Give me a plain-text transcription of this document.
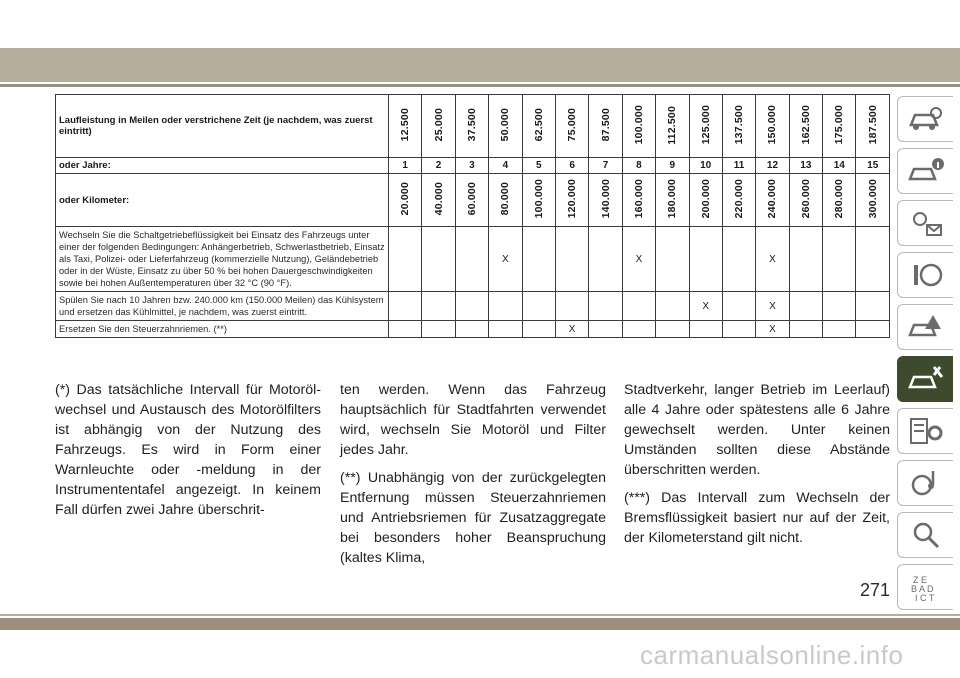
Laufleistung in Meilen oder verstrichene Zeit (je nachdem, was zuerst eintritt)	12.500	25.000	37.500	50.000	62.500	75.000	87.500	100.000	112.500	125.000	137.500	150.000	162.500	175.000	187.500
oder Jahre:	1	2	3	4	5	6	7	8	9	10	11	12	13	14	15
oder Kilometer:	20.000	40.000	60.000	80.000	100.000	120.000	140.000	160.000	180.000	200.000	220.000	240.000	260.000	280.000	300.000
Wechseln Sie die Schaltgetriebeflüssigkeit bei Einsatz des Fahrzeugs unter einer der folgenden Bedingungen: Anhängerbetrieb, Schwerlastbetrieb, Einsatz als Taxi, Polizei- oder Lieferfahrzeug (kommerzielle Nutzung), Geländebetrieb oder in der Wüste, Einsatz zu über 50 % bei hohen Dauergeschwindigkeiten sowie bei hohen Außentemperaturen über 32 °C (90 °F).				X				X				X			
Spülen Sie nach 10 Jahren bzw. 240.000 km (150.000 Meilen) das Kühlsystem und ersetzen das Kühlmittel, je nachdem, was zuerst eintritt.										X		X			
Ersetzen Sie den Steuerzahnriemen. (**)						X						X			

(*) Das tatsächliche Intervall für Motorölwechsel und Austausch des Motorölfilters ist abhängig von der Nutzung des Fahrzeugs. Es wird in Form einer Warnleuchte oder -meldung in der Instrumententafel angezeigt. In keinem Fall dürfen zwei Jahre überschrit-

ten werden. Wenn das Fahrzeug hauptsächlich für Stadtfahrten verwendet wird, wechseln Sie Motoröl und Filter jedes Jahr.

(**) Unabhängig von der zurückgelegten Entfernung müssen Steuerzahnriemen und Antriebsriemen für Zusatzaggregate bei besonders hoher Beanspruchung (kaltes Klima,

Stadtverkehr, langer Betrieb im Leerlauf) alle 4 Jahre oder spätestens alle 6 Jahre gewechselt werden. Unter keinen Umständen sollten diese Abstände überschritten werden.

(***) Das Intervall zum Wechseln der Bremsflüssigkeit basiert nur auf der Zeit, der Kilometerstand gilt nicht.

Z E
B A D
I C T
271
carmanualsonline.info
